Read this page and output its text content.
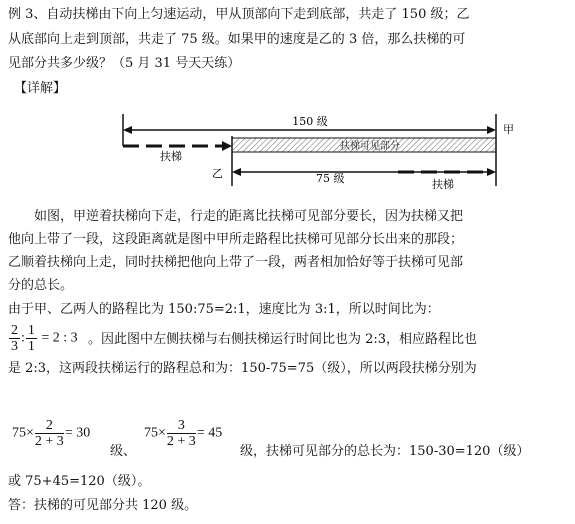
例 3、自动扶梯由下向上匀速运动，甲从顶部向下走到底部，共走了 150 级；乙
从底部向上走到顶部，共走了 75 级。如果甲的速度是乙的 3 倍，那么扶梯的可
见部分共多少级？（5 月 31 号天天练）
【详解】
150 级
甲
扶梯
扶梯可见部分
乙	75 级	扶梯
如图，甲逆着扶梯向下走，行走的距离比扶梯可见部分要长，因为扶梯又把
他向上带了一段，这段距离就是图中甲所走路程比扶梯可见部分长出来的那段；
乙顺着扶梯向上走，同时扶梯把他向上带了一段，两者相加恰好等于扶梯可见部
分的总长。
由于甲、乙两人的路程比为 150:75=2:1，速度比为 3:1，所以时间比为：
$\frac{2}{3}$ : $\frac{1}{1} = 2$ : 3 。因此图中左侧扶梯与右侧扶梯运行时间比也为 2:3，相应路程比也
是 2:3，这两段扶梯运行的路程总和为：150-75=75（级），所以两段扶梯分别为
$75\times \frac{2}{2 + 3} = 30$
级、
$75\times \frac{3}{2 + 3} = 45$
级，扶梯可见部分的总长为：150-30=120（级）
或 75+45=120（级）。
答：扶梯的可见部分共 120 级。
